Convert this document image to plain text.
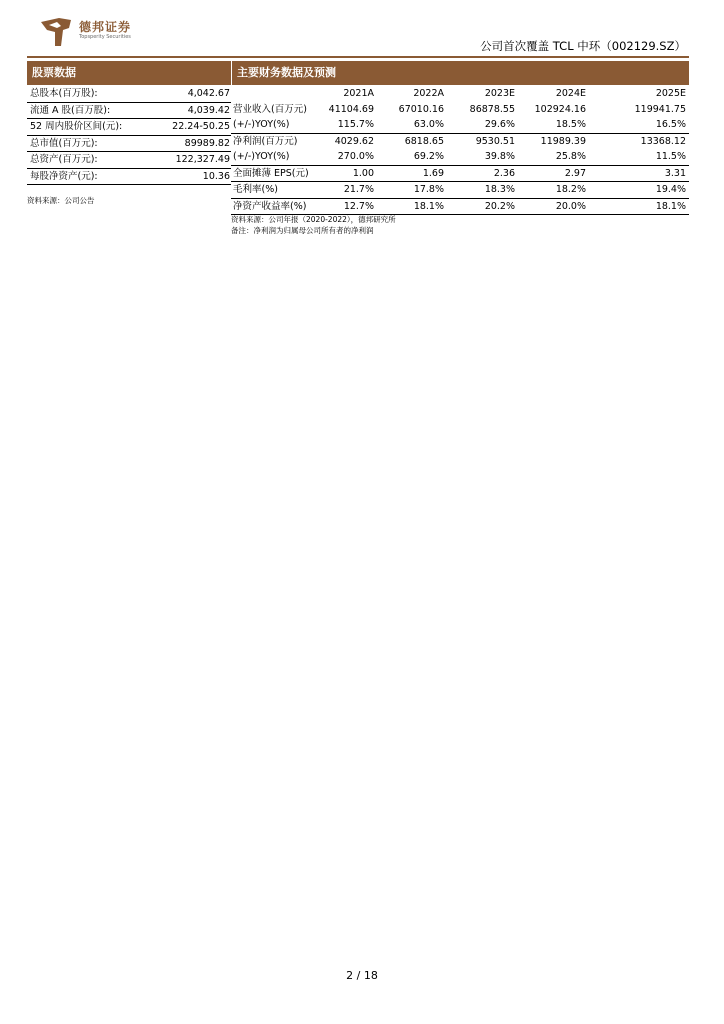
德邦证券
Topsperity Securities
公司首次覆盖 TCL 中环（002129.SZ）
股票数据
总股本(百万股):	4,042.67
流通 A 股(百万股):	4,039.42
52 周内股价区间(元):	22.24-50.25
总市值(百万元):	89989.82
总资产(百万元):	122,327.49
每股净资产(元):	10.36
资料来源：公司公告
主要财务数据及预测
2021A	2022A	2023E	2024E	2025E
营业收入(百万元)	41104.69	67010.16	86878.55	102924.16	119941.75
(+/-)YOY(%)	115.7%	63.0%	29.6%	18.5%	16.5%
净利润(百万元)	4029.62	6818.65	9530.51	11989.39	13368.12
(+/-)YOY(%)	270.0%	69.2%	39.8%	25.8%	11.5%
全面摊薄 EPS(元)	1.00	1.69	2.36	2.97	3.31
毛利率(%)	21.7%	17.8%	18.3%	18.2%	19.4%
净资产收益率(%)	12.7%	18.1%	20.2%	20.0%	18.1%
资料来源：公司年报（2020-2022），德邦研究所
备注：净利润为归属母公司所有者的净利润
2 / 18
